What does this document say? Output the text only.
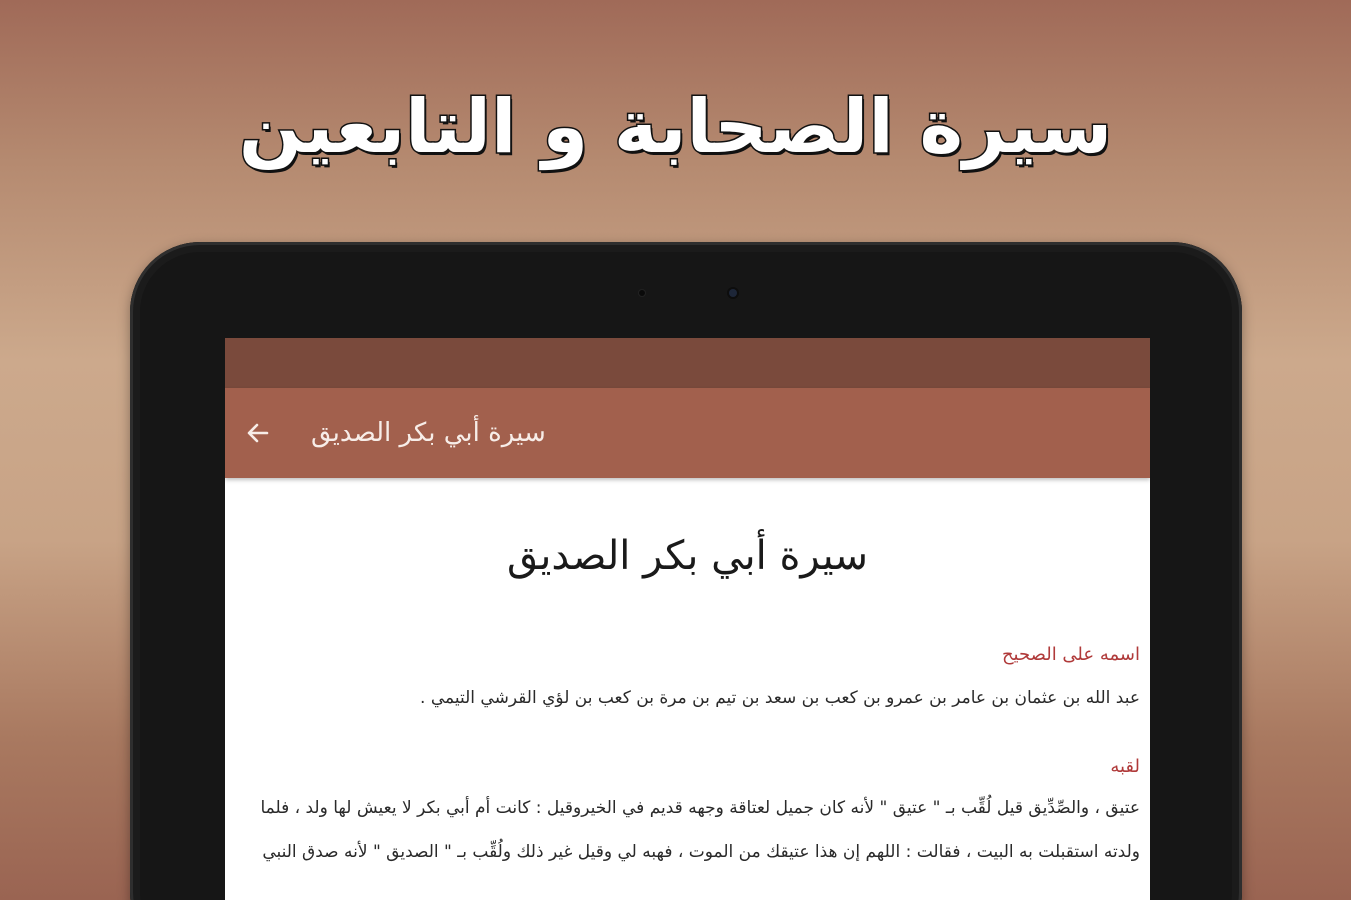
سيرة الصحابة و التابعين
سيرة أبي بكر الصديق
سيرة أبي بكر الصديق
اسمه على الصحيح
عبد الله بن عثمان بن عامر بن عمرو بن كعب بن سعد بن تيم بن مرة بن كعب بن لؤي القرشي التيمي .
لقبه
عتيق ، والصِّدِّيق قيل لُقِّب بـ " عتيق " لأنه كان جميل لعتاقة وجهه قديم في الخيروقيل : كانت أم أبي بكر لا يعيش لها ولد ، فلما
ولدته استقبلت به البيت ، فقالت : اللهم إن هذا عتيقك من الموت ، فهبه لي وقيل غير ذلك ولُقِّب بـ " الصديق " لأنه صدق النبي
